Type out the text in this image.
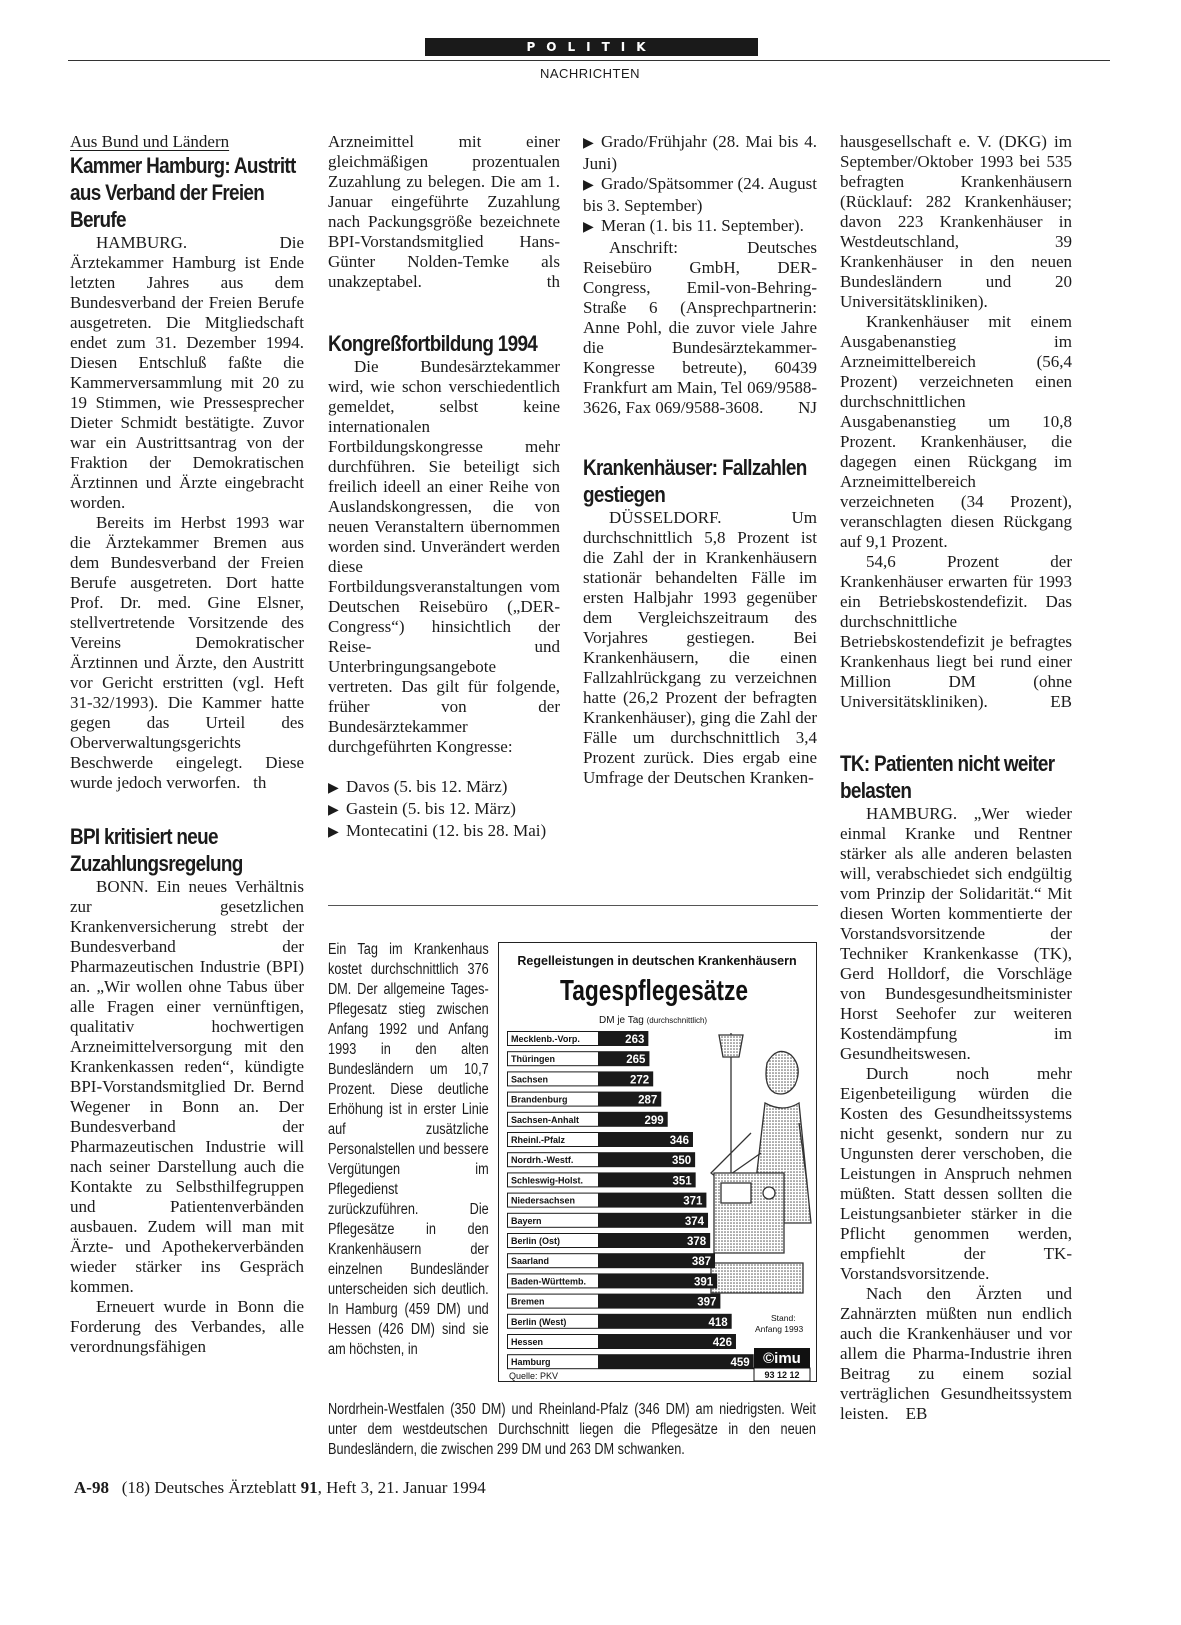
POLITIK
NACHRICHTEN

Aus Bund und Ländern

Kammer Hamburg: Austritt aus Verband der Freien Berufe

HAMBURG. Die Ärztekammer Hamburg ist Ende letzten Jahres aus dem Bundesverband der Freien Berufe ausgetreten. Die Mitgliedschaft endet zum 31. Dezember 1994. Diesen Entschluß faßte die Kammerversammlung mit 20 zu 19 Stimmen, wie Pressesprecher Dieter Schmidt bestätigte. Zuvor war ein Austrittsantrag von der Fraktion der Demokratischen Ärztinnen und Ärzte eingebracht worden.

Bereits im Herbst 1993 war die Ärztekammer Bremen aus dem Bundesverband der Freien Berufe ausgetreten. Dort hatte Prof. Dr. med. Gine Elsner, stellvertretende Vorsitzende des Vereins Demokratischer Ärztinnen und Ärzte, den Austritt vor Gericht erstritten (vgl. Heft 31-32/1993). Die Kammer hatte gegen das Urteil des Oberverwaltungsgerichts Beschwerde eingelegt. Diese wurde jedoch verworfen. th

BPI kritisiert neue Zuzahlungsregelung

BONN. Ein neues Verhältnis zur gesetzlichen Krankenversicherung strebt der Bundesverband der Pharmazeutischen Industrie (BPI) an. „Wir wollen ohne Tabus über alle Fragen einer vernünftigen, qualitativ hochwertigen Arzneimittelversorgung mit den Krankenkassen reden“, kündigte BPI-Vorstandsmitglied Dr. Bernd Wegener in Bonn an. Der Bundesverband der Pharmazeutischen Industrie will nach seiner Darstellung auch die Kontakte zu Selbsthilfegruppen und Patientenverbänden ausbauen. Zudem will man mit Ärzte- und Apothekerverbänden wieder stärker ins Gespräch kommen.

Erneuert wurde in Bonn die Forderung des Verbandes, alle verordnungsfähigen

Arzneimittel mit einer gleichmäßigen prozentualen Zuzahlung zu belegen. Die am 1. Januar eingeführte Zuzahlung nach Packungsgröße bezeichnete BPI-Vorstandsmitglied Hans-Günter Nolden-Temke als unakzeptabel.	th

Kongreßfortbildung 1994

Die Bundesärztekammer wird, wie schon verschiedentlich gemeldet, selbst keine internationalen Fortbildungskongresse mehr durchführen. Sie beteiligt sich freilich ideell an einer Reihe von Auslandskongressen, die von neuen Veranstaltern übernommen worden sind. Unverändert werden diese Fortbildungsveranstaltungen vom Deutschen Reisebüro („DER-Congress“) hinsichtlich der Reise- und Unterbringungsangebote vertreten. Das gilt für folgende, früher von der Bundesärztekammer durchgeführten Kongresse:

▶ Davos (5. bis 12. März)
▶ Gastein (5. bis 12. März)
▶ Montecatini (12. bis 28. Mai)
▶ Grado/Frühjahr (28. Mai bis 4. Juni)
▶ Grado/Spätsommer (24. August bis 3. September)
▶ Meran (1. bis 11. September).

Anschrift: Deutsches Reisebüro GmbH, DER-Congress, Emil-von-Behring-Straße 6 (Ansprechpartnerin: Anne Pohl, die zuvor viele Jahre die Bundesärztekammer-Kongresse betreute), 60439 Frankfurt am Main, Tel 069/9588-3626, Fax 069/9588-3608.	NJ

Krankenhäuser: Fallzahlen gestiegen

DÜSSELDORF. Um durchschnittlich 5,8 Prozent ist die Zahl der in Krankenhäusern stationär behandelten Fälle im ersten Halbjahr 1993 gegenüber dem Vergleichszeitraum des Vorjahres gestiegen. Bei Krankenhäusern, die einen Fallzahlrückgang zu verzeichnen hatte (26,2 Prozent der befragten Krankenhäuser), ging die Zahl der Fälle um durchschnittlich 3,4 Prozent zurück. Dies ergab eine Umfrage der Deutschen Kranken-

hausgesellschaft e. V. (DKG) im September/Oktober 1993 bei 535 befragten Krankenhäusern (Rücklauf: 282 Krankenhäuser; davon 223 Krankenhäuser in Westdeutschland, 39 Krankenhäuser in den neuen Bundesländern und 20 Universitätskliniken).

Krankenhäuser mit einem Ausgabenanstieg im Arzneimittelbereich (56,4 Prozent) verzeichneten einen durchschnittlichen Ausgabenanstieg um 10,8 Prozent. Krankenhäuser, die dagegen einen Rückgang im Arzneimittelbereich verzeichneten (34 Prozent), veranschlagten diesen Rückgang auf 9,1 Prozent.

54,6 Prozent der Krankenhäuser erwarten für 1993 ein Betriebskostendefizit. Das durchschnittliche Betriebskostendefizit je befragtes Krankenhaus liegt bei rund einer Million DM (ohne Universitätskliniken).	EB

TK: Patienten nicht weiter belasten

HAMBURG. „Wer wieder einmal Kranke und Rentner stärker als alle anderen belasten will, verabschiedet sich endgültig vom Prinzip der Solidarität.“ Mit diesen Worten kommentierte der Vorstandsvorsitzende der Techniker Krankenkasse (TK), Gerd Holldorf, die Vorschläge von Bundesgesundheitsminister Horst Seehofer zur weiteren Kostendämpfung im Gesundheitswesen.

Durch noch mehr Eigenbeteiligung würden die Kosten des Gesundheitssystems nicht gesenkt, sondern nur zu Ungunsten derer verschoben, die Leistungen in Anspruch nehmen müßten. Statt dessen sollten die Leistungsanbieter stärker in die Pflicht genommen werden, empfiehlt der TK-Vorstandsvorsitzende.

Nach den Ärzten und Zahnärzten müßten nun endlich auch die Krankenhäuser und vor allem die Pharma-Industrie ihren Beitrag zu einem sozial verträglichen Gesundheitssystem leisten. EB

Ein Tag im Krankenhaus kostet durchschnittlich 376 DM. Der allgemeine Tages-Pflegesatz stieg zwischen Anfang 1992 und Anfang 1993 in den alten Bundesländern um 10,7 Prozent. Diese deutliche Erhöhung ist in erster Linie auf zusätzliche Personalstellen und bessere Vergütungen im Pflegedienst zurückzuführen. Die Pflegesätze in den Krankenhäusern der einzelnen Bundesländer unterscheiden sich deutlich. In Hamburg (459 DM) und Hessen (426 DM) sind sie am höchsten, in
Nordrhein-Westfalen (350 DM) und Rheinland-Pfalz (346 DM) am niedrigsten. Weit unter dem westdeutschen Durchschnitt liegen die Pflegesätze in den neuen Bundesländern, die zwischen 299 DM und 263 DM schwanken.
Regelleistungen in deutschen Krankenhäusern
Tagespflegesätze
DM je Tag (durchschnittlich)
Mecklenb.-Vorp.	263
Thüringen	265
Sachsen	272
Brandenburg	287
Sachsen-Anhalt	299
Rheinl.-Pfalz	346
Nordrh.-Westf.	350
Schleswig-Holst.	351
Niedersachsen	371
Bayern	374
Berlin (Ost)	378
Saarland	387
Baden-Württemb.	391
Bremen	397
Berlin (West)	418
Hessen	426
Hamburg	459
Stand:
Anfang 1993
©imu
93 12 12
Quelle: PKV
A-98 (18) Deutsches Ärzteblatt 91, Heft 3, 21. Januar 1994
